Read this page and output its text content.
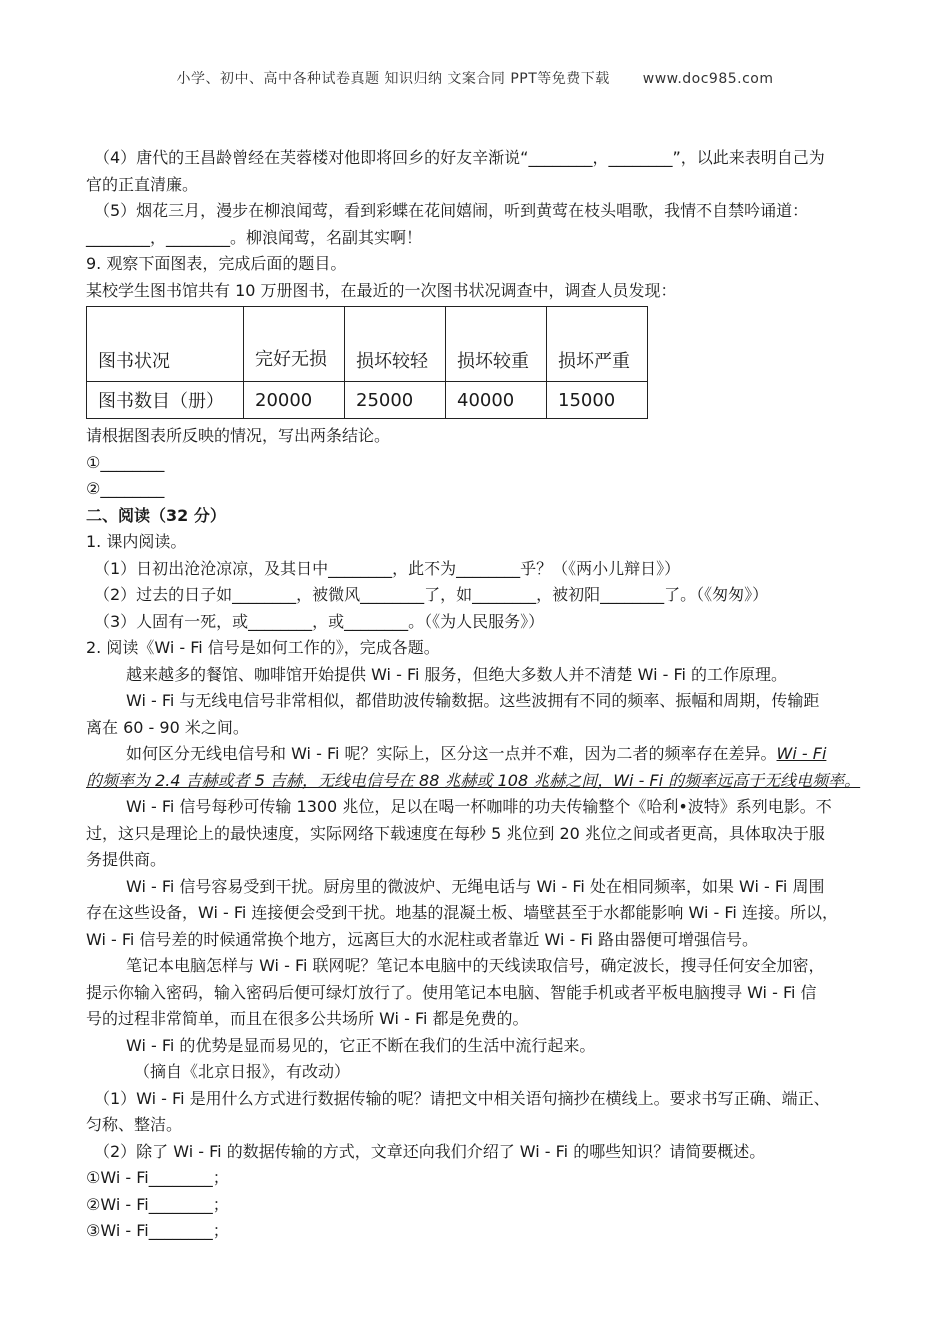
小学、初中、高中各种试卷真题 知识归纳 文案合同 PPT等免费下载 www.doc985.com
（4）唐代的王昌龄曾经在芙蓉楼对他即将回乡的好友辛渐说“________，________”，以此来表明自己为
官的正直清廉。
（5）烟花三月，漫步在柳浪闻莺，看到彩蝶在花间嬉闹，听到黄莺在枝头唱歌，我情不自禁吟诵道：
________，________。柳浪闻莺，名副其实啊！
9. 观察下面图表，完成后面的题目。
某校学生图书馆共有 10 万册图书，在最近的一次图书状况调查中，调查人员发现：
图书状况	完好无损	损坏较轻	损坏较重	损坏严重
图书数目（册）	20000	25000	40000	15000
请根据图表所反映的情况，写出两条结论。
①________
②________
二、阅读（32 分）
1. 课内阅读。
（1）日初出沧沧凉凉，及其日中________，此不为________乎？（《两小儿辩日》）
（2）过去的日子如________，被微风________了，如________，被初阳________了。（《匆匆》）
（3）人固有一死，或________，或________。（《为人民服务》）
2. 阅读《Wi - Fi 信号是如何工作的》，完成各题。
越来越多的餐馆、咖啡馆开始提供 Wi - Fi 服务，但绝大多数人并不清楚 Wi - Fi 的工作原理。
Wi - Fi 与无线电信号非常相似，都借助波传输数据。这些波拥有不同的频率、振幅和周期，传输距
离在 60 - 90 米之间。
如何区分无线电信号和 Wi - Fi 呢？实际上，区分这一点并不难，因为二者的频率存在差异。Wi - Fi
的频率为 2.4 吉赫或者 5 吉赫，无线电信号在 88 兆赫或 108 兆赫之间，Wi - Fi 的频率远高于无线电频率。
Wi - Fi 信号每秒可传输 1300 兆位，足以在喝一杯咖啡的功夫传输整个《哈利•波特》系列电影。不
过，这只是理论上的最快速度，实际网络下载速度在每秒 5 兆位到 20 兆位之间或者更高，具体取决于服
务提供商。
Wi - Fi 信号容易受到干扰。厨房里的微波炉、无绳电话与 Wi - Fi 处在相同频率，如果 Wi - Fi 周围
存在这些设备，Wi - Fi 连接便会受到干扰。地基的混凝土板、墙壁甚至于水都能影响 Wi - Fi 连接。所以，
Wi - Fi 信号差的时候通常换个地方，远离巨大的水泥柱或者靠近 Wi - Fi 路由器便可增强信号。
笔记本电脑怎样与 Wi - Fi 联网呢？笔记本电脑中的天线读取信号，确定波长，搜寻任何安全加密，
提示你输入密码，输入密码后便可绿灯放行了。使用笔记本电脑、智能手机或者平板电脑搜寻 Wi - Fi 信
号的过程非常简单，而且在很多公共场所 Wi - Fi 都是免费的。
Wi - Fi 的优势是显而易见的，它正不断在我们的生活中流行起来。
（摘自《北京日报》，有改动）
（1）Wi - Fi 是用什么方式进行数据传输的呢？请把文中相关语句摘抄在横线上。要求书写正确、端正、
匀称、整洁。
（2）除了 Wi - Fi 的数据传输的方式，文章还向我们介绍了 Wi - Fi 的哪些知识？请简要概述。
①Wi - Fi________；
②Wi - Fi________；
③Wi - Fi________；
